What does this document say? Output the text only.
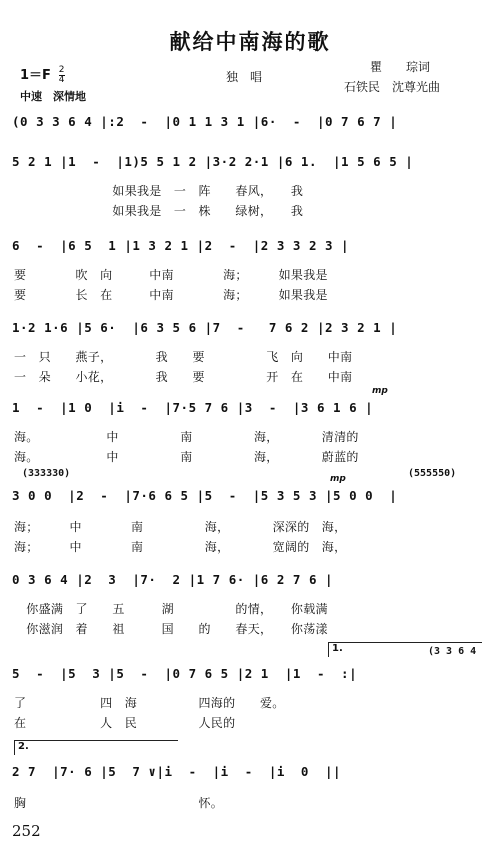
献给中南海的歌
$1=F \frac{2}{4}$
中速　深情地
独　唱
瞿　　琮词
石铁民　沈尊光曲
(0 3 3 6 4 |:2  -  |0 1 1 3 1 |6·  -  |0 7 6 7 |
5 2 1 |1  -  |1)5 5 1 2 |3·2 2·1 |6 1.  |1 5 6 5 |
　　　　　　　　如果我是　一　阵　　春风，　　我
　　　　　　　　如果我是　一　株　　绿树，　　我
6  -  |6 5  1 |1 3 2 1 |2  -  |2 3 3 2 3 |
要　　　　吹　向　　　中南　　　　海；　　　如果我是
要　　　　长　在　　　中南　　　　海；　　　如果我是
1·2 1·6 |5 6·  |6 3 5 6 |7  -   7 6 2 |2 3 2 1 |
一　只　　燕子，　　　　我　　要　　　　　飞　向　　中南
一　朵　　小花，　　　　我　　要　　　　　开　在　　中南
mp
1  -  |1 0  |i  -  |7·5 7 6 |3  -  |3 6 1 6 |
海。　　　　　　中　　　　　南　　　　　海，　　　　清清的
海。　　　　　　中　　　　　南　　　　　海，　　　　蔚蓝的
(333330)	(555550)
mp
3 0 0  |2  -  |7·6 6 5 |5  -  |5 3 5 3 |5 0 0  |
海；　　　中　　　　南　　　　　海，　　　　深深的　海，
海；　　　中　　　　南　　　　　海，　　　　宽阔的　海，
0 3 6 4 |2  3  |7·  2 |1 7 6· |6 2 7 6 |
　你盛满　了　　五　　　湖　　　　　的情，　　你载满
　你滋润　着　　祖　　　国　　的　　春天，　　你荡漾
1.	(3 3 6 4
5  -  |5  3 |5  -  |0 7 6 5 |2 1  |1  -  :|
了　　　　　　四　海　　　　　四海的　　爱。
在　　　　　　人　民　　　　　人民的
2.
2 7  |7· 6 |5  7 ∨|i  -  |i  -  |i  0  ||
胸　　　　　　　　　　　　　　怀。
252
